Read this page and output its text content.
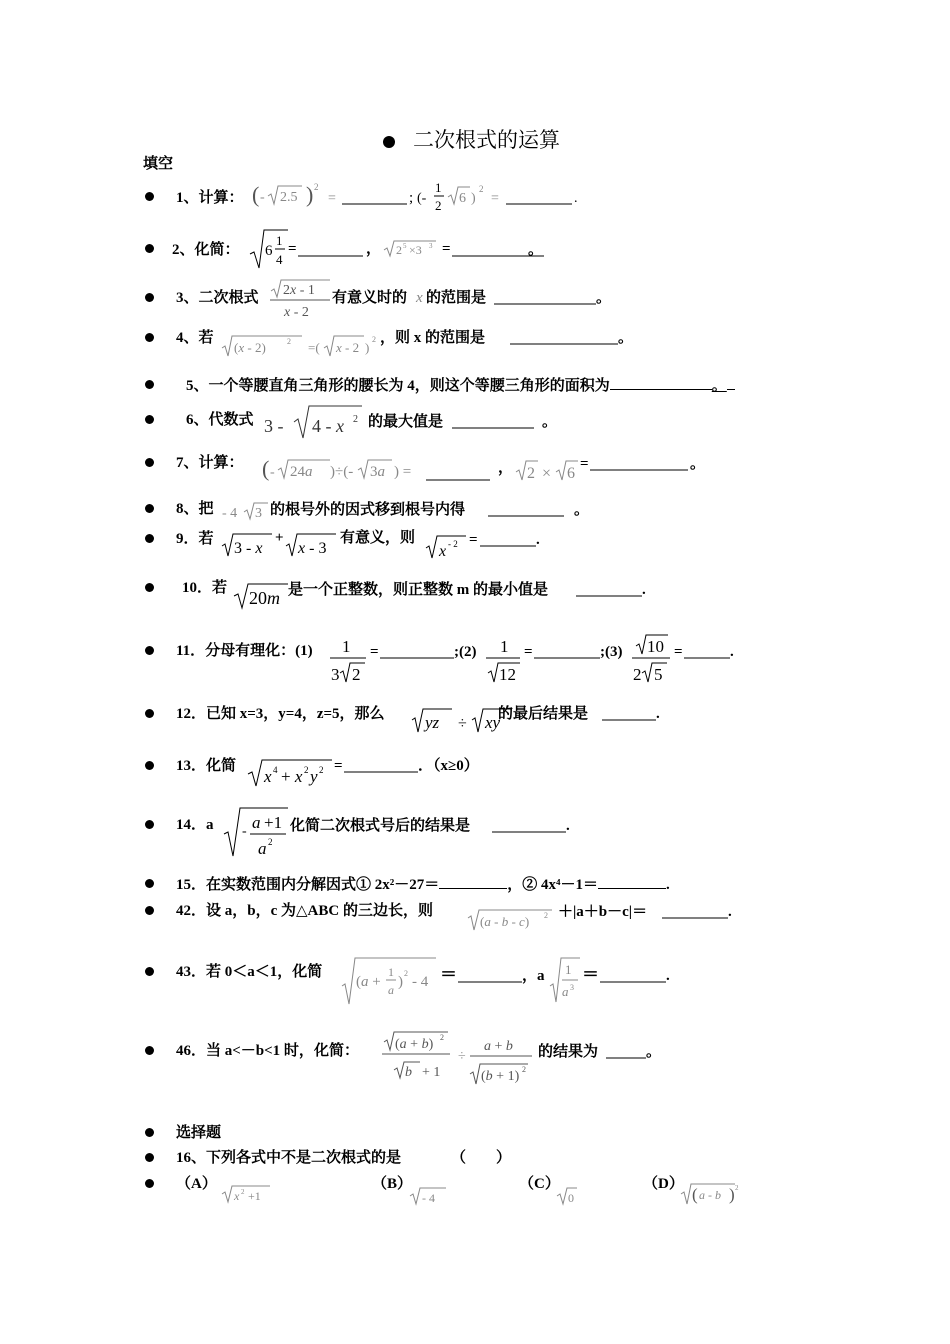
二次根式的运算
填空
1、计算： ( - 2.5 ) 2
=	; (-
1
2 6 )
2
=	.
2、化简： 6
1
4
=	， 2 5 ×3 3 =	。
3、二次根式 2x - 1
x - 2
有意义时的 x 的范围是	。
4、若
(x - 2)	2 =( x - 2 )
2 ，则 x 的范围是	。
5、一个等腰直角三角形的腰长为 4，则这个等腰三角形的面积为	。
6、代数式 3 - 4 - x 2 的最大值是	。
7、计算： ( - 24a )÷(- 3a ) =	， 2 × 6
=	。
8、把 - 4 3 的根号外的因式移到根号内得	。
9．若
3 - x
+
x - 3
有意义，则
x - 2 =	.
10．若 20m 是一个正整数，则正整数 m 的最小值是	.
11．分母有理化：(1) 1
3 2
=	;(2) 1
12
=	;(3) 10
2 5
=	.
12．已知 x=3，y=4，z=5，那么 yz ÷ xy
的最后结果是	.
13．化简
x 4 + x 2 y 2 =	．（x≥0）
14．a - a +1
a 2
化简二次根式号后的结果是	.
15．在实数范围内分解因式① 2x²－27＝	，② 4x⁴－1＝	.
42．设 a，b，c 为△ABC 的三边长，则
(a - b - c) 2 ＋|a＋b－c|＝	.
43．若 0＜a＜1，化简
(a +
1
a )
2
- 4 ＝	，a 1
a 3
＝	.
46．当 a<－b<1 时，化简：	(a + b) 2
b + 1
÷
a + b
(b + 1) 2
的结果为	。
选择题
16、下列各式中不是二次根式的是	（　　）
（A）
x 2 +1
（B）
- 4
（C）
0
（D）
( a - b ) 2
